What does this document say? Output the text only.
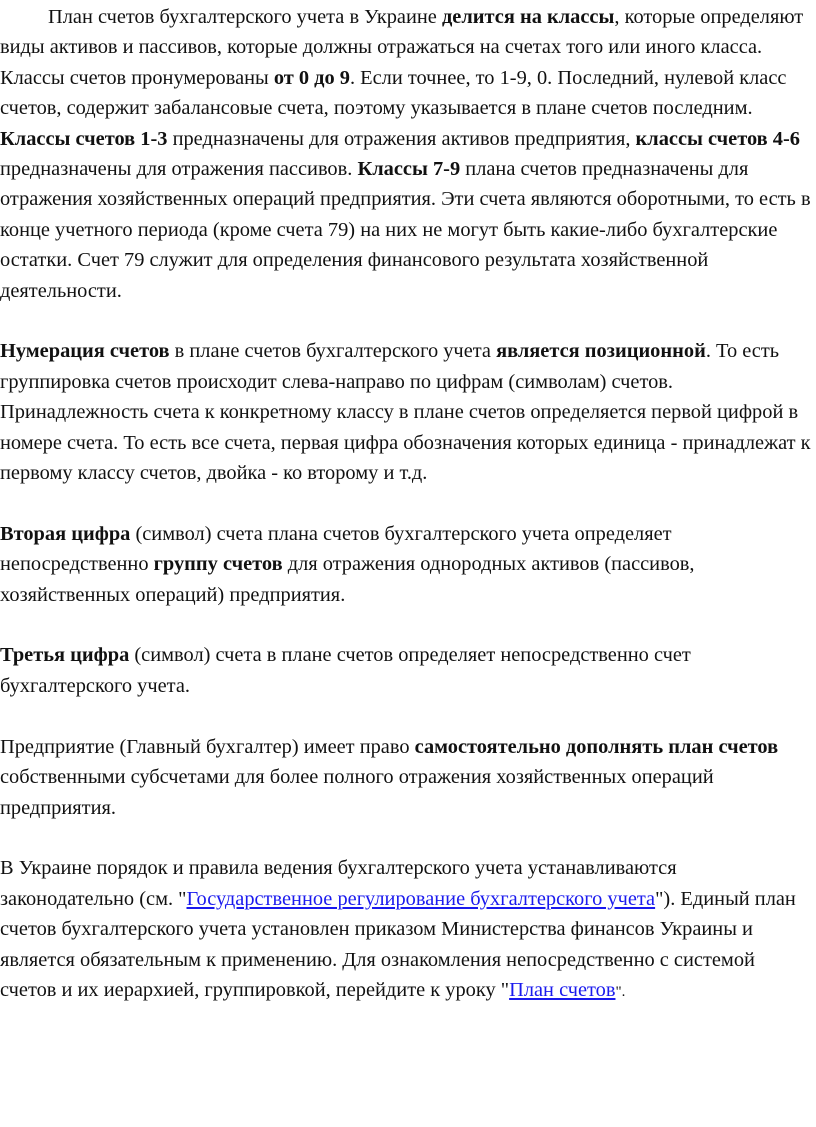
План счетов бухгалтерского учета в Украине делится на классы, которые определяют виды активов и пассивов, которые должны отражаться на счетах того или иного класса. Классы счетов пронумерованы от 0 до 9. Если точнее, то 1-9, 0. Последний, нулевой класс счетов, содержит забалансовые счета, поэтому указывается в плане счетов последним. Классы счетов 1-3 предназначены для отражения активов предприятия, классы счетов 4-6 предназначены для отражения пассивов. Классы 7-9 плана счетов предназначены для отражения хозяйственных операций предприятия. Эти счета являются оборотными, то есть в конце учетного периода (кроме счета 79) на них не могут быть какие-либо бухгалтерские остатки. Счет 79 служит для определения финансового результата хозяйственной деятельности.

Нумерация счетов в плане счетов бухгалтерского учета является позиционной. То есть группировка счетов происходит слева-направо по цифрам (символам) счетов.

Принадлежность счета к конкретному классу в плане счетов определяется первой цифрой в номере счета. То есть все счета, первая цифра обозначения которых единица - принадлежат к первому классу счетов, двойка - ко второму и т.д.

Вторая цифра (символ) счета плана счетов бухгалтерского учета определяет непосредственно группу счетов для отражения однородных активов (пассивов, хозяйственных операций) предприятия.

Третья цифра (символ) счета в плане счетов определяет непосредственно счет бухгалтерского учета.

Предприятие (Главный бухгалтер) имеет право самостоятельно дополнять план счетов собственными субсчетами для более полного отражения хозяйственных операций предприятия.

В Украине порядок и правила ведения бухгалтерского учета устанавливаются законодательно (см. "Государственное регулирование бухгалтерского учета"). Единый план счетов бухгалтерского учета установлен приказом Министерства финансов Украины и является обязательным к применению. Для ознакомления непосредственно с системой счетов и их иерархией, группировкой, перейдите к уроку "План счетов".
